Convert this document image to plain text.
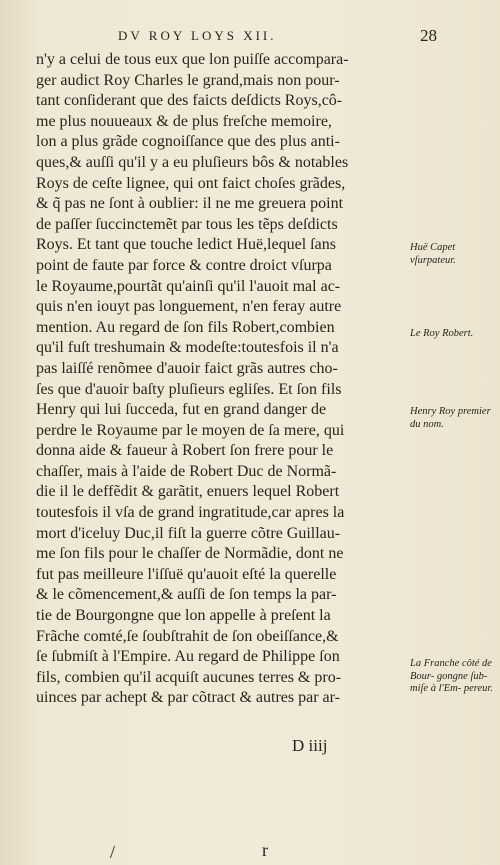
DV ROY LOYS XII.	28
n'y a celui de tous eux que lon puiſſe accompara-
ger audict Roy Charles le grand,mais non pour-
tant conſiderant que des faicts deſdicts Roys,cô-
me plus nouueaux & de plus freſche memoire,
lon a plus grãde cognoiſſance que des plus anti-
ques,& auſſi qu'il y a eu pluſieurs bôs & notables
Roys de ceſte lignee, qui ont faict choſes grãdes,
& q̃ pas ne ſont à oublier: il ne me greuera point
de paſſer ſuccinctemẽt par tous les tẽps deſdicts
Roys. Et tant que touche ledict Huë,lequel ſans
point de faute par force & contre droict vſurpa
le Royaume,pourtãt qu'ainſi qu'il l'auoit mal ac-
quis n'en iouyt pas longuement, n'en feray autre
mention. Au regard de ſon fils Robert,combien
qu'il fuſt treshumain & modeſte:toutesfois il n'a
pas laiſſé renõmee d'auoir faict grãs autres cho-
ſes que d'auoir baſty pluſieurs egliſes. Et ſon fils
Henry qui lui ſucceda, fut en grand danger de
perdre le Royaume par le moyen de ſa mere, qui
donna aide & faueur à Robert ſon frere pour le
chaſſer, mais à l'aide de Robert Duc de Normã-
die il le deffẽdit & garãtit, enuers lequel Robert
toutesfois il vſa de grand ingratitude,car apres la
mort d'iceluy Duc,il fiſt la guerre cõtre Guillau-
me ſon fils pour le chaſſer de Normãdie, dont ne
fut pas meilleure l'iſſuë qu'auoit eſté la querelle
& le cõmencement,& auſſi de ſon temps la par-
tie de Bourgongne que lon appelle à preſent la
Frãche comté,ſe ſoubſtrahit de ſon obeiſſance,&
ſe ſubmiſt à l'Empire. Au regard de Philippe ſon
fils, combien qu'il acquiſt aucunes terres & pro-
uinces par achept & par cõtract & autres par ar-
Huë Capet vſurpateur.
Le Roy Robert.
Henry Roy premier du nom.
La Franche côté de Bour- gongne ſub- miſe à l'Em- pereur.
D iiij
/	r
